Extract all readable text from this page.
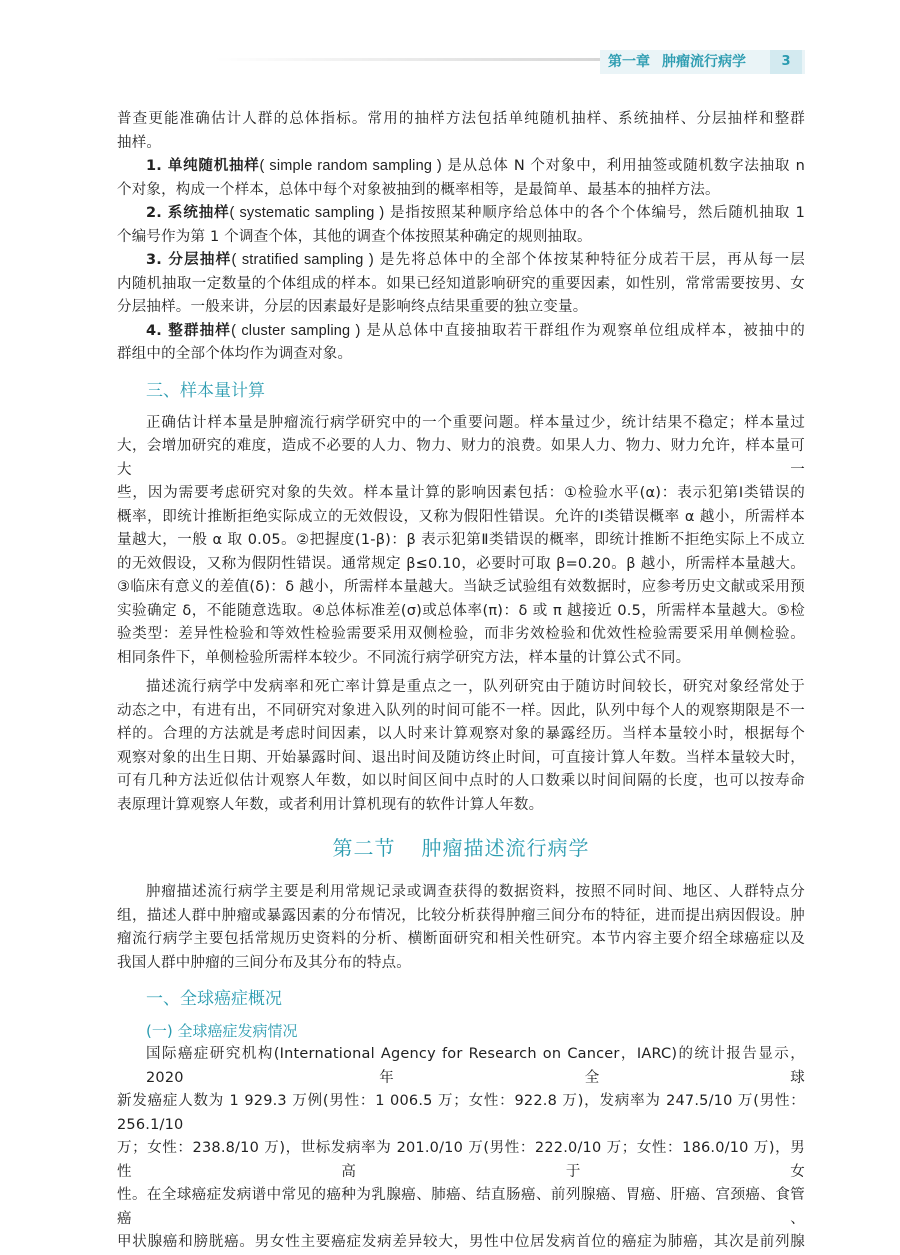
第一章 肿瘤流行病学	3
普查更能准确估计人群的总体指标。常用的抽样方法包括单纯随机抽样、系统抽样、分层抽样和整群
抽样。
1. 单纯随机抽样( simple random sampling ) 是从总体 N 个对象中，利用抽签或随机数字法抽取 n
个对象，构成一个样本，总体中每个对象被抽到的概率相等，是最简单、最基本的抽样方法。
2. 系统抽样( systematic sampling ) 是指按照某种顺序给总体中的各个个体编号，然后随机抽取 1
个编号作为第 1 个调查个体，其他的调查个体按照某种确定的规则抽取。
3. 分层抽样( stratified sampling ) 是先将总体中的全部个体按某种特征分成若干层，再从每一层
内随机抽取一定数量的个体组成的样本。如果已经知道影响研究的重要因素，如性别，常常需要按男、女
分层抽样。一般来讲，分层的因素最好是影响终点结果重要的独立变量。
4. 整群抽样( cluster sampling ) 是从总体中直接抽取若干群组作为观察单位组成样本，被抽中的
群组中的全部个体均作为调查对象。
三、样本量计算
正确估计样本量是肿瘤流行病学研究中的一个重要问题。样本量过少，统计结果不稳定；样本量过
大，会增加研究的难度，造成不必要的人力、物力、财力的浪费。如果人力、物力、财力允许，样本量可大一
些，因为需要考虑研究对象的失效。样本量计算的影响因素包括：①检验水平(α)：表示犯第Ⅰ类错误的
概率，即统计推断拒绝实际成立的无效假设，又称为假阳性错误。允许的Ⅰ类错误概率 α 越小，所需样本
量越大，一般 α 取 0.05。②把握度(1-β)：β 表示犯第Ⅱ类错误的概率，即统计推断不拒绝实际上不成立
的无效假设，又称为假阴性错误。通常规定 β≤0.10，必要时可取 β=0.20。β 越小，所需样本量越大。
③临床有意义的差值(δ)：δ 越小，所需样本量越大。当缺乏试验组有效数据时，应参考历史文献或采用预
实验确定 δ，不能随意选取。④总体标准差(σ)或总体率(π)：δ 或 π 越接近 0.5，所需样本量越大。⑤检
验类型：差异性检验和等效性检验需要采用双侧检验，而非劣效检验和优效性检验需要采用单侧检验。
相同条件下，单侧检验所需样本较少。不同流行病学研究方法，样本量的计算公式不同。
描述流行病学中发病率和死亡率计算是重点之一，队列研究由于随访时间较长，研究对象经常处于
动态之中，有进有出，不同研究对象进入队列的时间可能不一样。因此，队列中每个人的观察期限是不一
样的。合理的方法就是考虑时间因素，以人时来计算观察对象的暴露经历。当样本量较小时，根据每个
观察对象的出生日期、开始暴露时间、退出时间及随访终止时间，可直接计算人年数。当样本量较大时，
可有几种方法近似估计观察人年数，如以时间区间中点时的人口数乘以时间间隔的长度，也可以按寿命
表原理计算观察人年数，或者利用计算机现有的软件计算人年数。
第二节 肿瘤描述流行病学
肿瘤描述流行病学主要是利用常规记录或调查获得的数据资料，按照不同时间、地区、人群特点分
组，描述人群中肿瘤或暴露因素的分布情况，比较分析获得肿瘤三间分布的特征，进而提出病因假设。肿
瘤流行病学主要包括常规历史资料的分析、横断面研究和相关性研究。本节内容主要介绍全球癌症以及
我国人群中肿瘤的三间分布及其分布的特点。
一、全球癌症概况
(一) 全球癌症发病情况
国际癌症研究机构(International Agency for Research on Cancer，IARC)的统计报告显示，2020 年全球
新发癌症人数为 1 929.3 万例(男性：1 006.5 万；女性：922.8 万)，发病率为 247.5/10 万(男性：256.1/10
万；女性：238.8/10 万)，世标发病率为 201.0/10 万(男性：222.0/10 万；女性：186.0/10 万)，男性高于女
性。在全球癌症发病谱中常见的癌种为乳腺癌、肺癌、结直肠癌、前列腺癌、胃癌、肝癌、宫颈癌、食管癌、
甲状腺癌和膀胱癌。男女性主要癌症发病差异较大，男性中位居发病首位的癌症为肺癌，其次是前列腺
